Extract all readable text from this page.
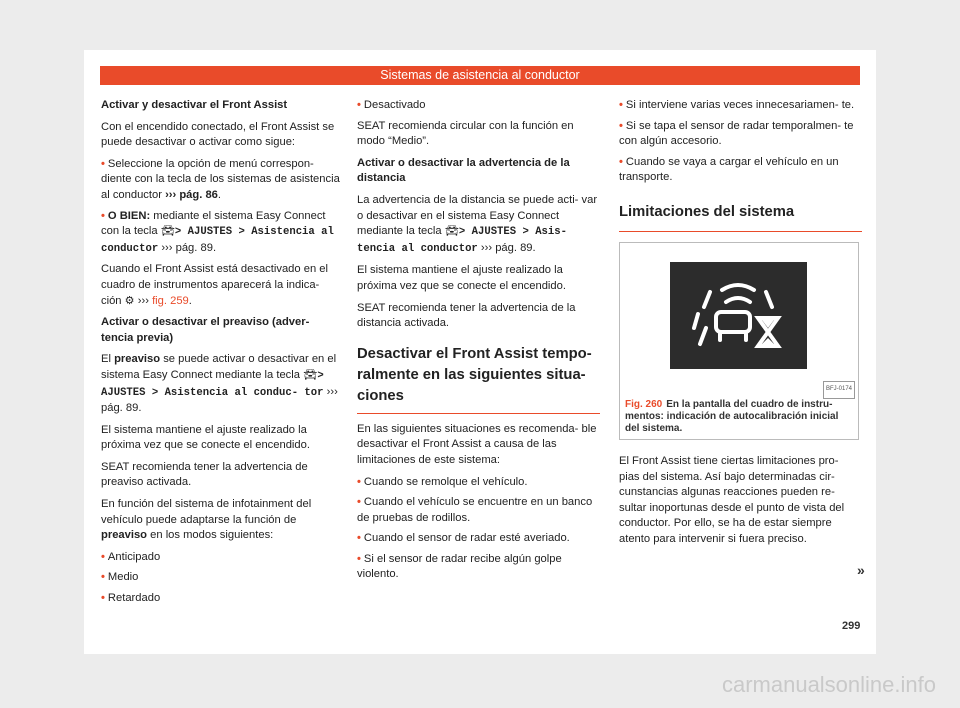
Sistemas de asistencia al conductor

Activar y desactivar el Front Assist

Con el encendido conectado, el Front Assist se puede desactivar o activar como sigue:

• Seleccione la opción de menú correspon- diente con la tecla de los sistemas de asistencia al conductor ››› pág. 86.

• O BIEN: mediante el sistema Easy Connect con la tecla 🚘︎> AJUSTES > Asistencia al conductor ››› pág. 89.

Cuando el Front Assist está desactivado en el cuadro de instrumentos aparecerá la indica- ción ⚙︎ ››› fig. 259.

Activar o desactivar el preaviso (adver- tencia previa)

El preaviso se puede activar o desactivar en el sistema Easy Connect mediante la tecla 🚘︎> AJUSTES > Asistencia al conduc- tor ››› pág. 89.

El sistema mantiene el ajuste realizado la próxima vez que se conecte el encendido.

SEAT recomienda tener la advertencia de preaviso activada.

En función del sistema de infotainment del vehículo puede adaptarse la función de preaviso en los modos siguientes:

• Anticipado

• Medio

• Retardado

• Desactivado

SEAT recomienda circular con la función en modo “Medio”.

Activar o desactivar la advertencia de la distancia

La advertencia de la distancia se puede acti- var o desactivar en el sistema Easy Connect mediante la tecla 🚘︎> AJUSTES > Asis- tencia al conductor ››› pág. 89.

El sistema mantiene el ajuste realizado la próxima vez que se conecte el encendido.

SEAT recomienda tener la advertencia de la distancia activada.

Desactivar el Front Assist tempo- ralmente en las siguientes situa- ciones

En las siguientes situaciones es recomenda- ble desactivar el Front Assist a causa de las limitaciones de este sistema:

• Cuando se remolque el vehículo.

• Cuando el vehículo se encuentre en un banco de pruebas de rodillos.

• Cuando el sensor de radar esté averiado.

• Si el sensor de radar recibe algún golpe violento.

• Si interviene varias veces innecesariamen- te.

• Si se tapa el sensor de radar temporalmen- te con algún accesorio.

• Cuando se vaya a cargar el vehículo en un transporte.

Limitaciones del sistema
BFJ-0174
Fig. 260 En la pantalla del cuadro de instru- mentos: indicación de autocalibración inicial del sistema.

El Front Assist tiene ciertas limitaciones pro- pias del sistema. Así bajo determinadas cir- cunstancias algunas reacciones pueden re- sultar inoportunas desde el punto de vista del conductor. Por ello, se ha de estar siempre atento para intervenir si fuera preciso.

»
299
carmanualsonline.info
